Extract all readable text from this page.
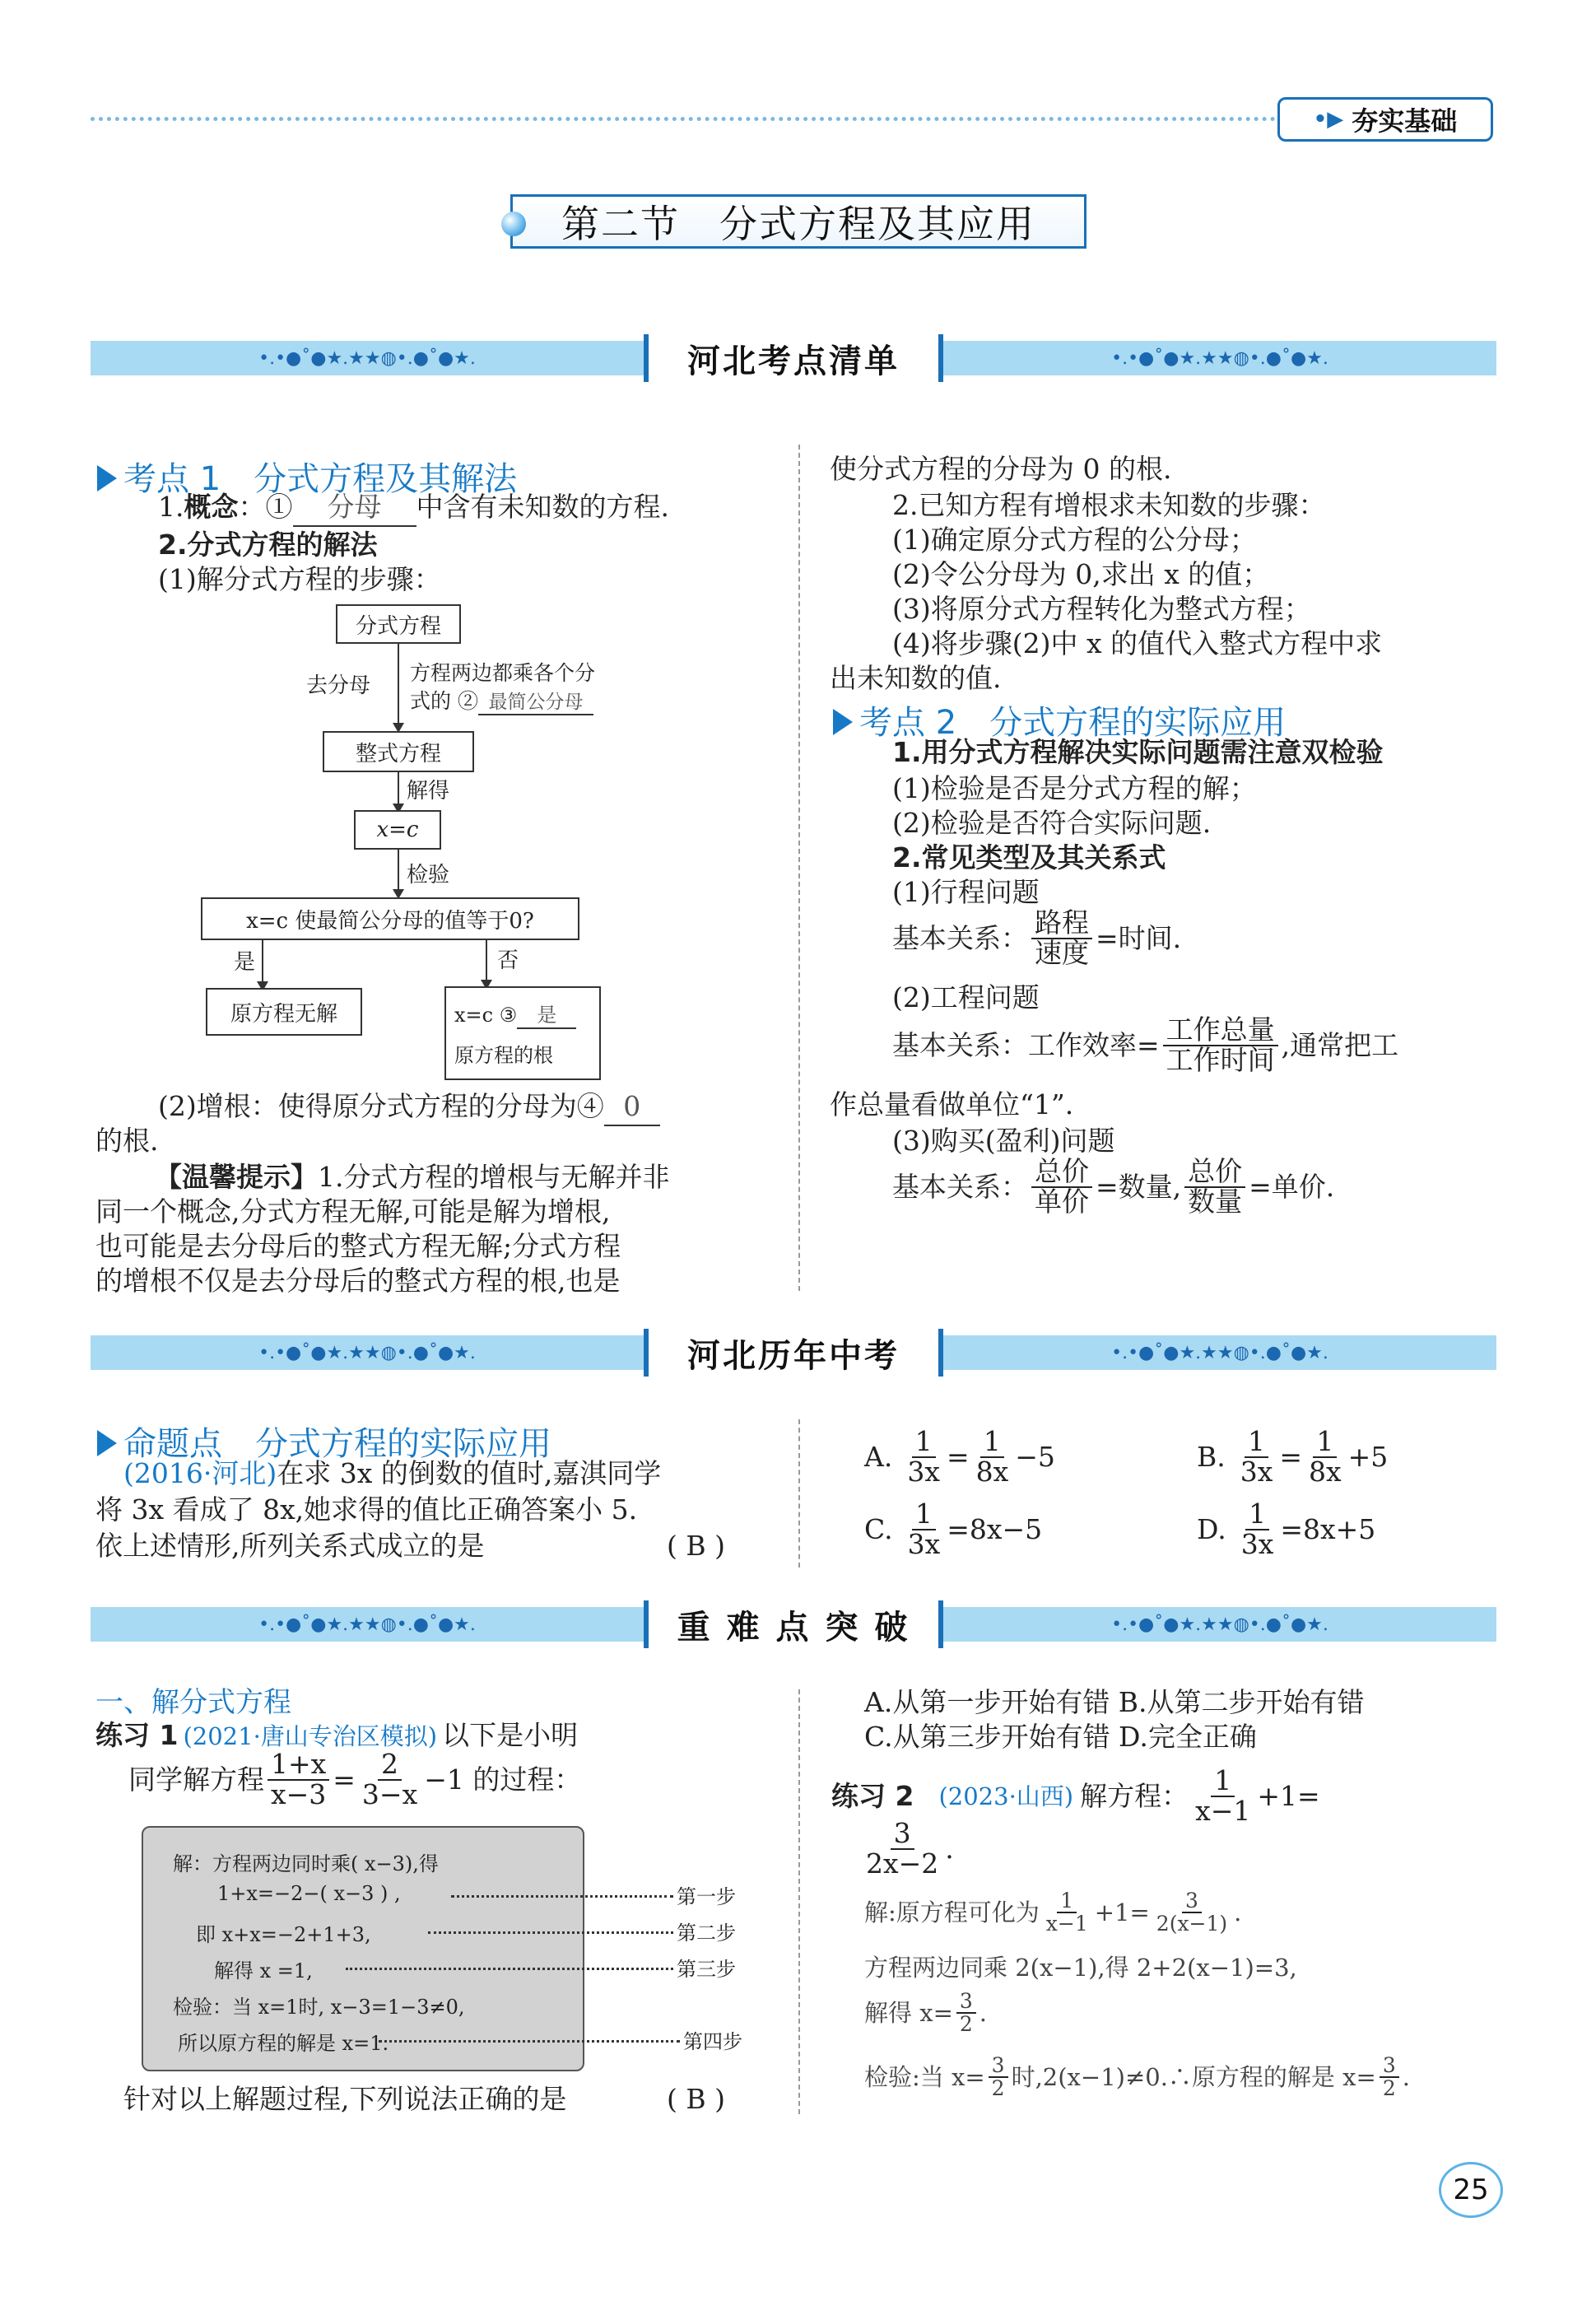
•▶ 夯实基础
第二节　分式方程及其应用
•.•●˚●★.★★◍•.●˚●★.	河北考点清单	•.•●˚●★.★★◍•.●˚●★.
考点 1　分式方程及其解法
1.概念：① 分母 中含有未知数的方程.
2.分式方程的解法
(1)解分式方程的步骤：
分式方程
去分母
方程两边都乘各个分
式的 ② 最简公分母
整式方程
解得
x=c
检验
x=c 使最简公分母的值等于0?
是	否
原方程无解	x=c ③ 是
原方程的根
(2)增根：使得原分式方程的分母为④ 0
的根.
【温馨提示】1.分式方程的增根与无解并非
同一个概念,分式方程无解,可能是解为增根,
也可能是去分母后的整式方程无解;分式方程
的增根不仅是去分母后的整式方程的根,也是
使分式方程的分母为 0 的根.
2.已知方程有增根求未知数的步骤：
(1)确定原分式方程的公分母；
(2)令公分母为 0,求出 x 的值；
(3)将原分式方程转化为整式方程；
(4)将步骤(2)中 x 的值代入整式方程中求
出未知数的值.
考点 2　分式方程的实际应用
1.用分式方程解决实际问题需注意双检验
(1)检验是否是分式方程的解；
(2)检验是否符合实际问题.
2.常见类型及其关系式
(1)行程问题
基本关系： $\frac{\text{路程}}{\text{速度}}$ =时间.
(2)工程问题
基本关系：工作效率= $\frac{\text{工作总量}}{\text{工作时间}}$ ,通常把工
作总量看做单位“1”.
(3)购买(盈利)问题
基本关系： $\frac{\text{总价}}{\text{单价}}$ =数量, $\frac{\text{总价}}{\text{数量}}$ =单价.
•.•●˚●★.★★◍•.●˚●★.	河北历年中考	•.•●˚●★.★★◍•.●˚●★.
命题点　分式方程的实际应用
(2016·河北)在求 3x 的倒数的值时,嘉淇同学
将 3x 看成了 8x,她求得的值比正确答案小 5.
依上述情形,所列关系式成立的是	( B )
A. $\frac{1}{3x} = \frac{1}{8x} -5$	B. $\frac{1}{3x} = \frac{1}{8x} +5$
C. $\frac{1}{3x} =8x-5$	D. $\frac{1}{3x} =8x+5$
•.•●˚●★.★★◍•.●˚●★.	重 难 点 突 破	•.•●˚●★.★★◍•.●˚●★.
一、解分式方程
练习 1 (2021·唐山专治区模拟) 以下是小明
同学解方程 $\frac{1+x}{x-3} = \frac{2}{3-x} -1$ 的过程：
解：方程两边同时乘( x−3),得
1+x=−2−( x−3 ) ,
即 x+x=−2+1+3,
解得 x =1,
检验：当 x=1时, x−3=1−3≠0,
所以原方程的解是 x=1.
第一步
第二步
第三步
第四步
针对以上解题过程,下列说法正确的是	( B )
A.从第一步开始有错 B.从第二步开始有错
C.从第三步开始有错 D.完全正确
练习 2 (2023·山西) 解方程： $\frac{1}{x-1} +1=$
$\frac{3}{2x-2}$ .
解:原方程可化为 $\frac{1}{x-1} +1= \frac{3}{2(x-1)}$ .
方程两边同乘 2(x−1),得 2+2(x−1)=3,
解得 $x= \frac{3}{2}$ .
检验:当 $x= \frac{3}{2}$ 时,2(x−1)≠0.∴原方程的解是 $x= \frac{3}{2}$ .
25
